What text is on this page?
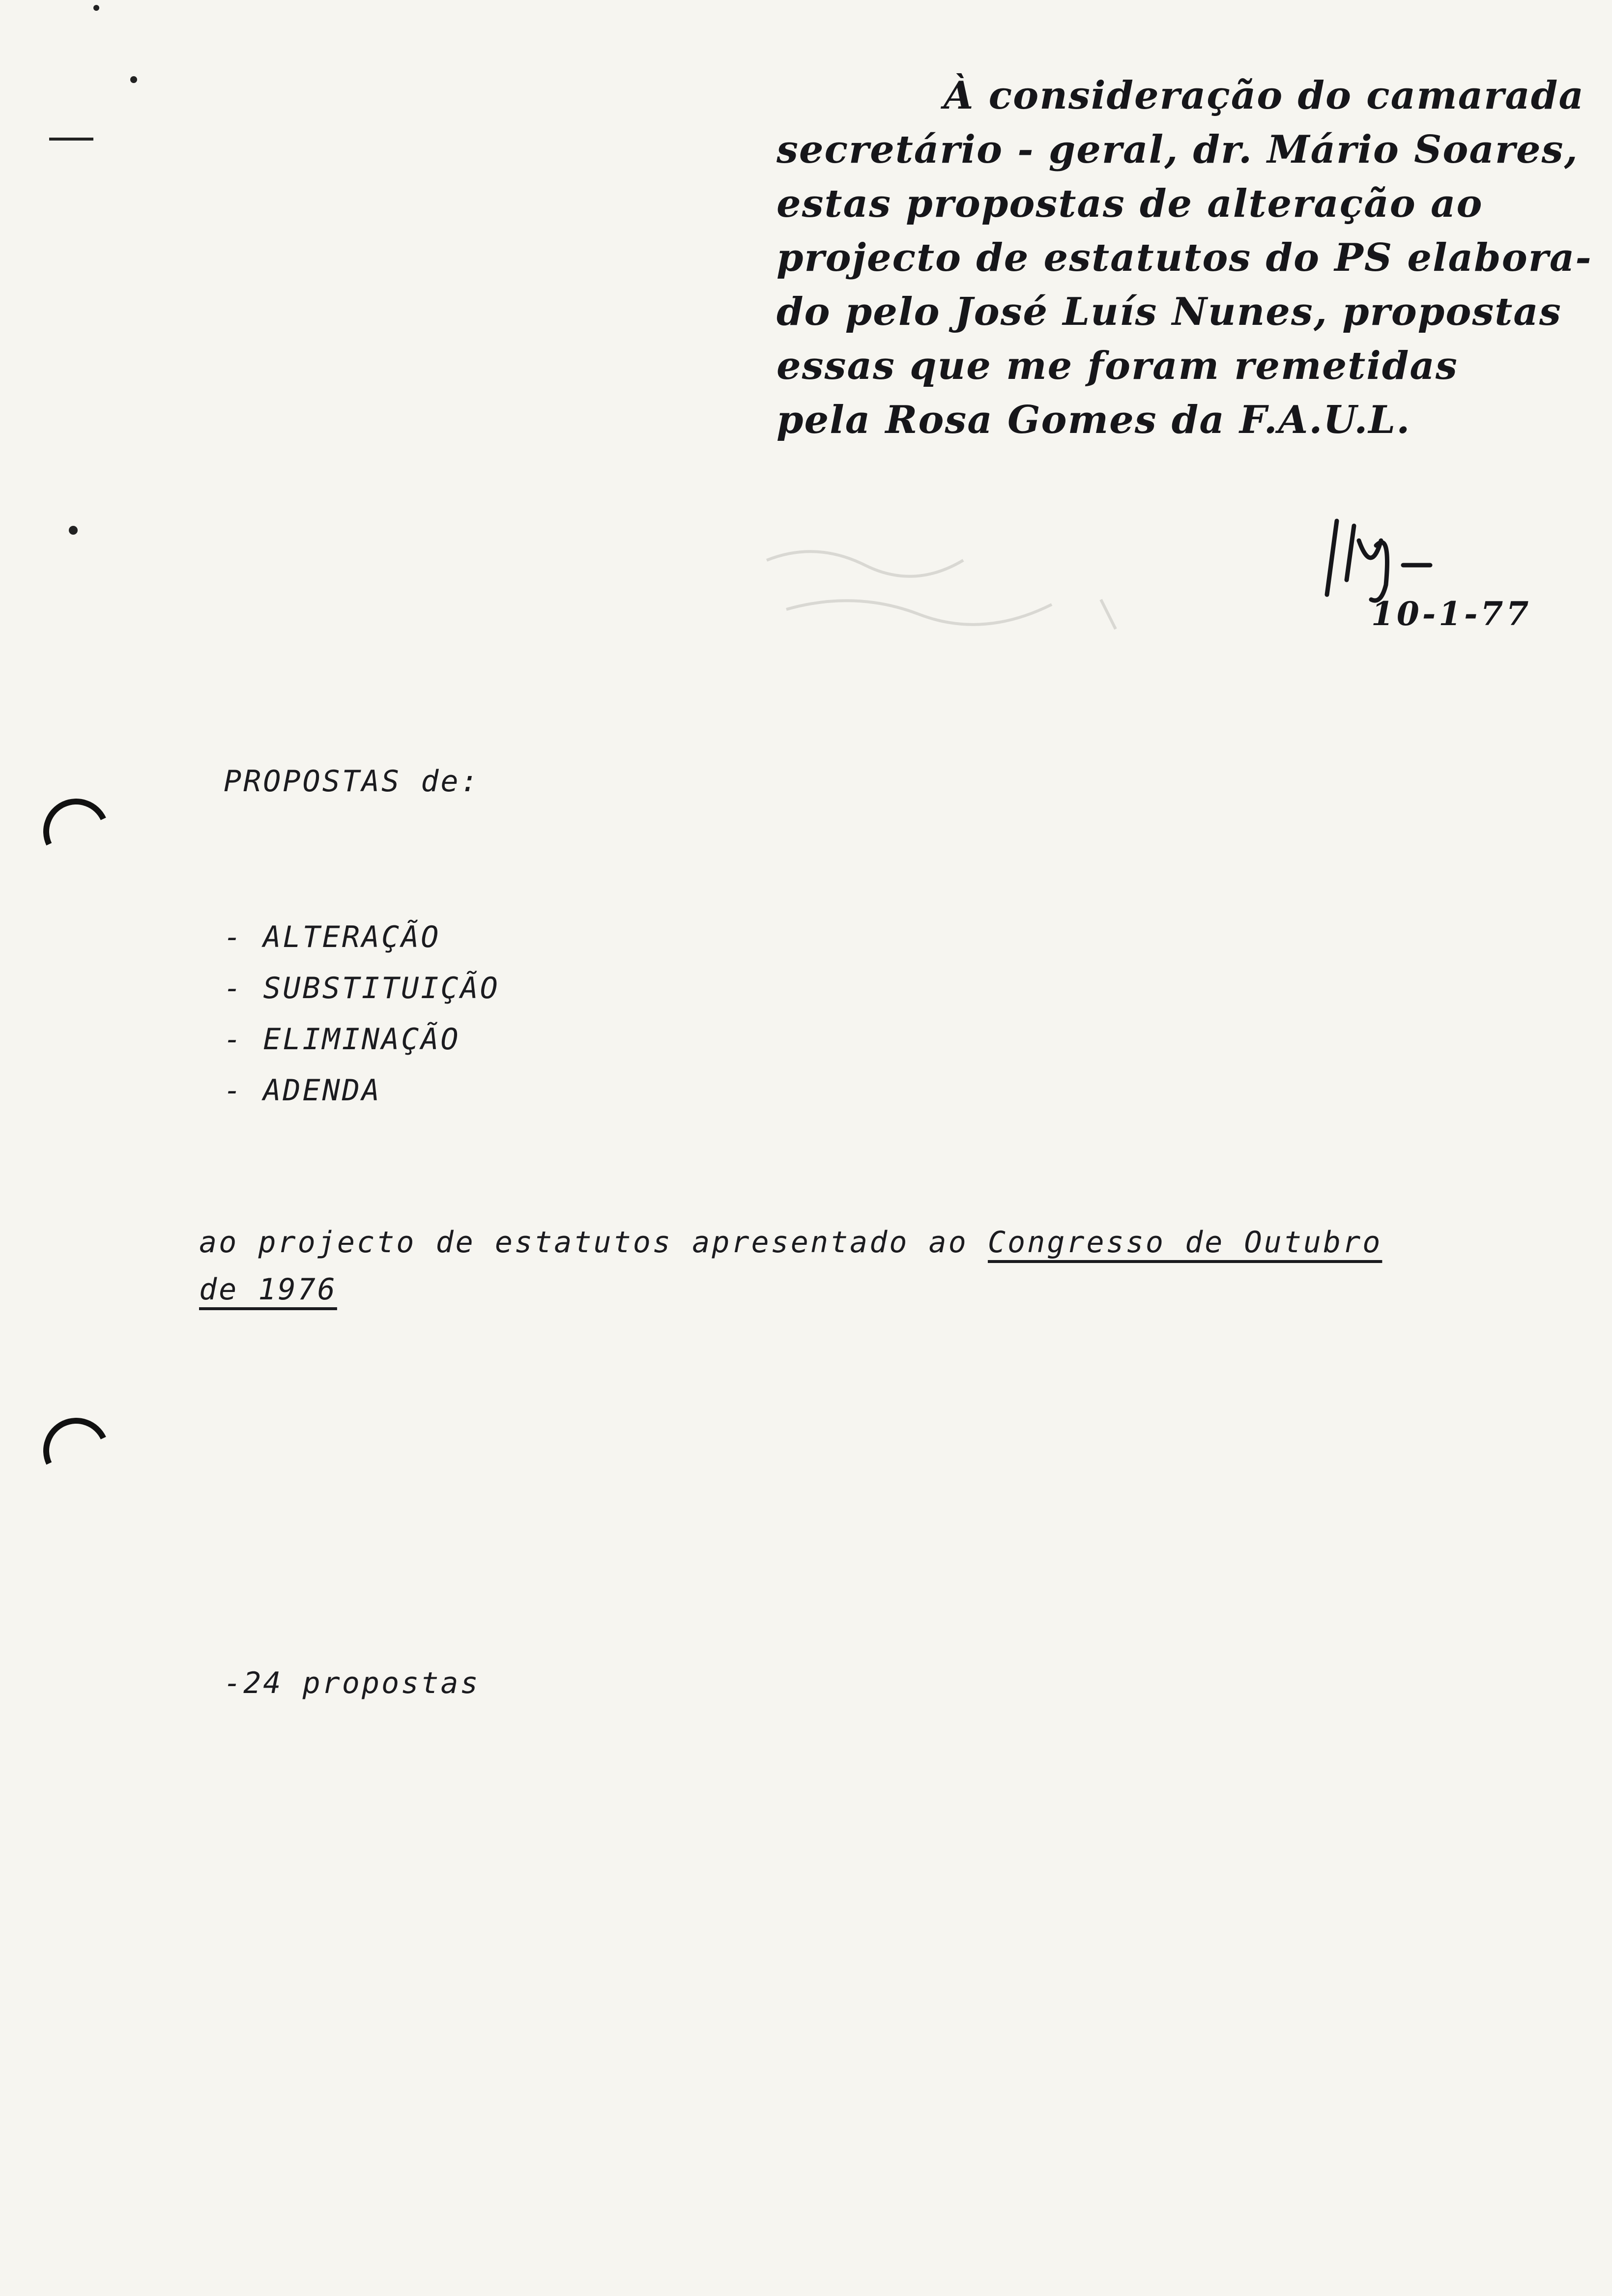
À consideração do camarada
secretário - geral, dr. Mário Soares,
estas propostas de alteração ao
projecto de estatutos do PS elabora-
do pelo José Luís Nunes, propostas
essas que me foram remetidas
pela Rosa Gomes da F.A.U.L.
10-1-77
PROPOSTAS de:
- ALTERAÇÃO
- SUBSTITUIÇÃO
- ELIMINAÇÃO
- ADENDA
ao projecto de estatutos apresentado ao Congresso de Outubro
de 1976
-24 propostas
